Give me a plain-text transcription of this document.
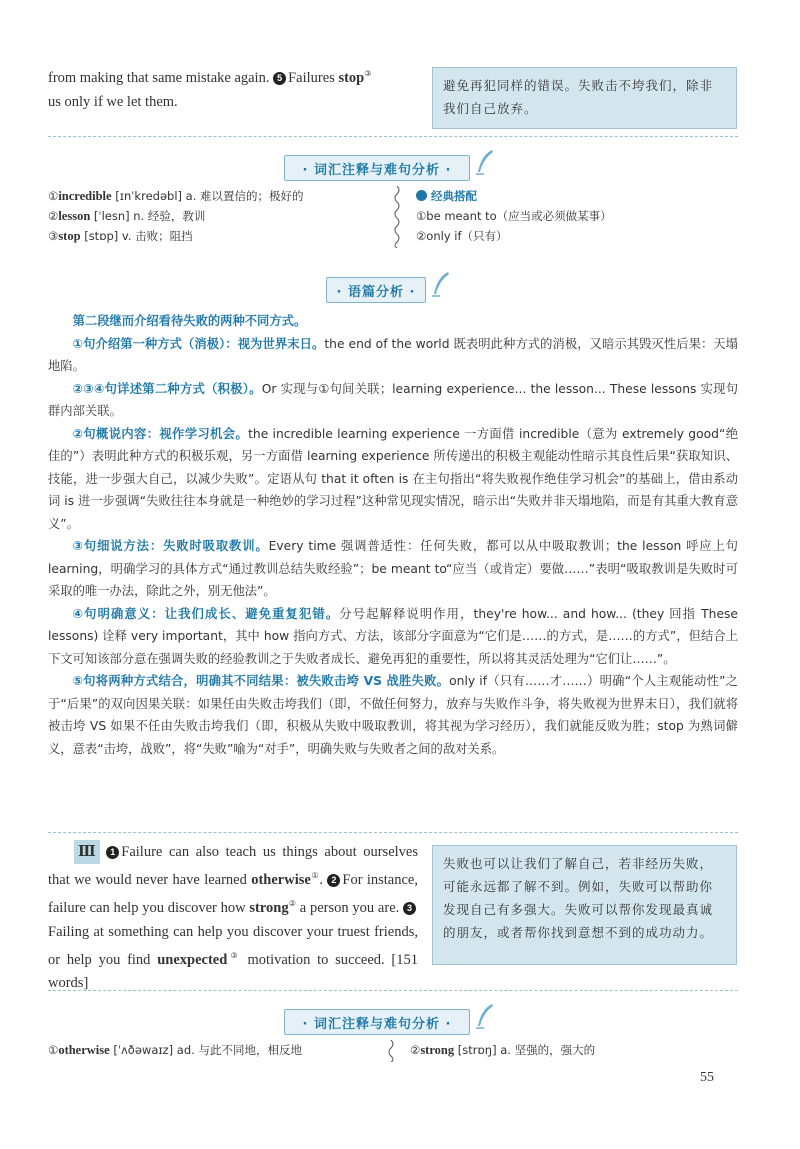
from making that same mistake again. 5 Failures stop③
us only if we let them.
避免再犯同样的错误。失败击不垮我们，除非我们自己放弃。
· 词汇注释与难句分析 ·
①incredible [ɪnˈkredəbl] a. 难以置信的；极好的
②lesson [ˈlesn] n. 经验，教训
③stop [stɒp] v. 击败；阻挡
经典搭配
①be meant to（应当或必须做某事）
②only if（只有）
· 语篇分析 ·

第二段继而介绍看待失败的两种不同方式。

①句介绍第一种方式（消极）：视为世界末日。the end of the world 既表明此种方式的消极，又暗示其毁灭性后果：天塌地陷。

②③④句详述第二种方式（积极）。Or 实现与①句间关联；learning experience... the lesson... These lessons 实现句群内部关联。

②句概说内容：视作学习机会。the incredible learning experience 一方面借 incredible（意为 extremely good“绝佳的”）表明此种方式的积极乐观，另一方面借 learning experience 所传递出的积极主观能动性暗示其良性后果“获取知识、技能，进一步强大自己，以减少失败”。定语从句 that it often is 在主句指出“将失败视作绝佳学习机会”的基础上，借由系动词 is 进一步强调“失败往往本身就是一种绝妙的学习过程”这种常见现实情况，暗示出“失败并非天塌地陷，而是有其重大教育意义”。

③句细说方法：失败时吸取教训。Every time 强调普适性：任何失败，都可以从中吸取教训；the lesson 呼应上句 learning，明确学习的具体方式“通过教训总结失败经验”；be meant to“应当（或肯定）要做……”表明“吸取教训是失败时可采取的唯一办法，除此之外，别无他法”。

④句明确意义：让我们成长、避免重复犯错。分号起解释说明作用，they're how... and how... (they 回指 These lessons) 诠释 very important，其中 how 指向方式、方法，该部分字面意为“它们是……的方式，是……的方式”，但结合上下文可知该部分意在强调失败的经验教训之于失败者成长、避免再犯的重要性，所以将其灵活处理为“它们让……”。

⑤句将两种方式结合，明确其不同结果：被失败击垮 VS 战胜失败。only if（只有……才……）明确“个人主观能动性”之于“后果”的双向因果关联：如果任由失败击垮我们（即，不做任何努力，放弃与失败作斗争，将失败视为世界末日），我们就将被击垮 VS 如果不任由失败击垮我们（即，积极从失败中吸取教训，将其视为学习经历），我们就能反败为胜；stop 为熟词僻义，意表“击垮，战败”，将“失败”喻为“对手”，明确失败与失败者之间的敌对关系。

Ⅲ 1 Failure can also teach us things about ourselves that we would never have learned otherwise①. 2 For instance, failure can help you discover how strong② a person you are. 3Failing at something can help you discover your truest friends, or help you find unexpected③ motivation to succeed. [151 words]
失败也可以让我们了解自己，若非经历失败，可能永远都了解不到。例如，失败可以帮助你发现自己有多强大。失败可以帮你发现最真诚的朋友，或者帮你找到意想不到的成功动力。
· 词汇注释与难句分析 ·
①otherwise [ˈʌðəwaɪz] ad. 与此不同地，相反地	②strong [strɒŋ] a. 坚强的，强大的
55
